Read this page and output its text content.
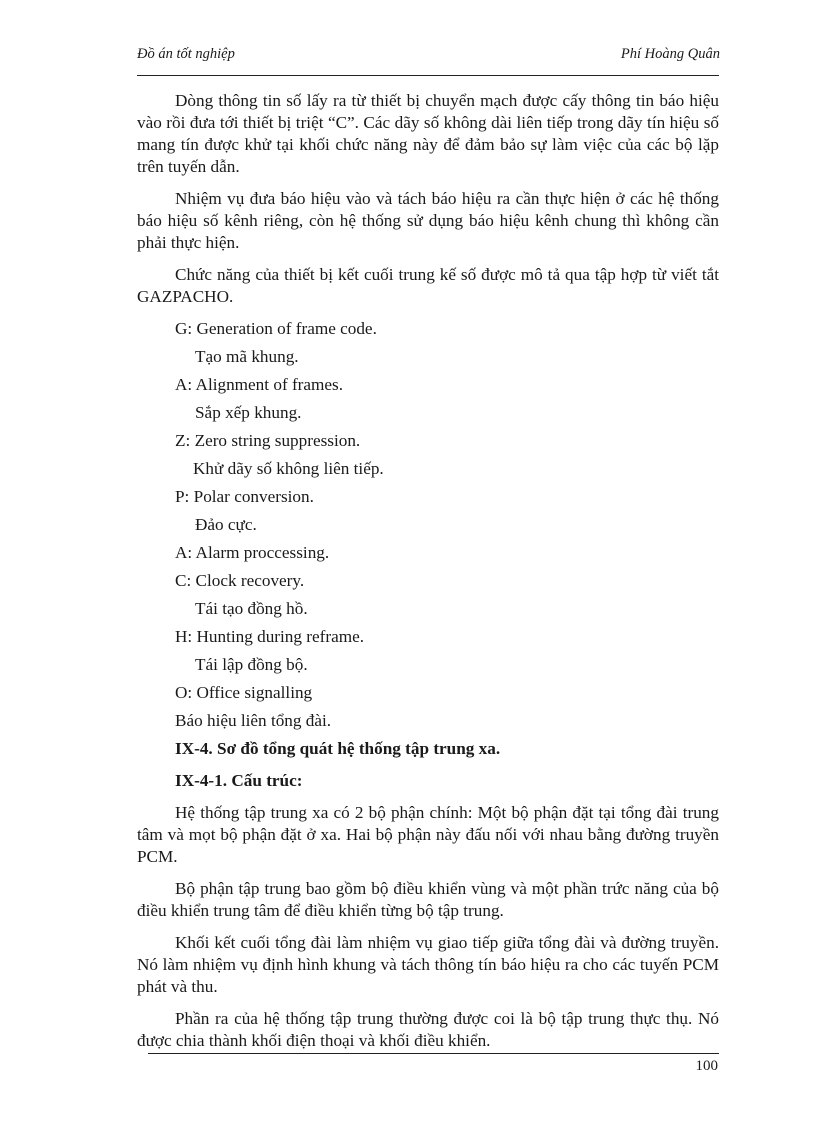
Đồ án tốt nghiệp	Phí Hoàng Quân

Dòng thông tin số lấy ra từ thiết bị chuyển mạch được cấy thông tin báo hiệu vào rồi đưa tới thiết bị triệt “C”. Các dãy số không dài liên tiếp trong dãy tín hiệu số mang tín được khử tại khối chức năng này để đảm bảo sự làm việc của các bộ lặp trên tuyến dẫn.

Nhiệm vụ đưa báo hiệu vào và tách báo hiệu ra cần thực hiện ở các hệ thống báo hiệu số kênh riêng, còn hệ thống sử dụng báo hiệu kênh chung thì không cần phải thực hiện.

Chức năng của thiết bị kết cuối trung kế số được mô tả qua tập hợp từ viết tắt GAZPACHO.

G: Generation of frame code.
Tạo mã khung.
A: Alignment of frames.
Sắp xếp khung.
Z: Zero string suppression.
Khử dãy số không liên tiếp.
P: Polar conversion.
Đảo cực.
A: Alarm proccessing.
C: Clock recovery.
Tái tạo đồng hồ.
H: Hunting during reframe.
Tái lập đồng bộ.
O: Office signalling
Báo hiệu liên tổng đài.
IX-4. Sơ đồ tổng quát hệ thống tập trung xa.
IX-4-1. Cấu trúc:

Hệ thống tập trung xa có 2 bộ phận chính: Một bộ phận đặt tại tổng đài trung tâm và mọt bộ phận đặt ở xa. Hai bộ phận này đấu nối với nhau bằng đường truyền PCM.

Bộ phận tập trung bao gồm bộ điều khiển vùng và một phần trức năng của bộ điều khiển trung tâm để điều khiển từng bộ tập trung.

Khối kết cuối tổng đài làm nhiệm vụ giao tiếp giữa tổng đài và đường truyền. Nó làm nhiệm vụ định hình khung và tách thông tín báo hiệu ra cho các tuyến PCM phát và thu.

Phần ra của hệ thống tập trung thường được coi là bộ tập trung thực thụ. Nó được chia thành khối điện thoại và khối điều khiển.

100
